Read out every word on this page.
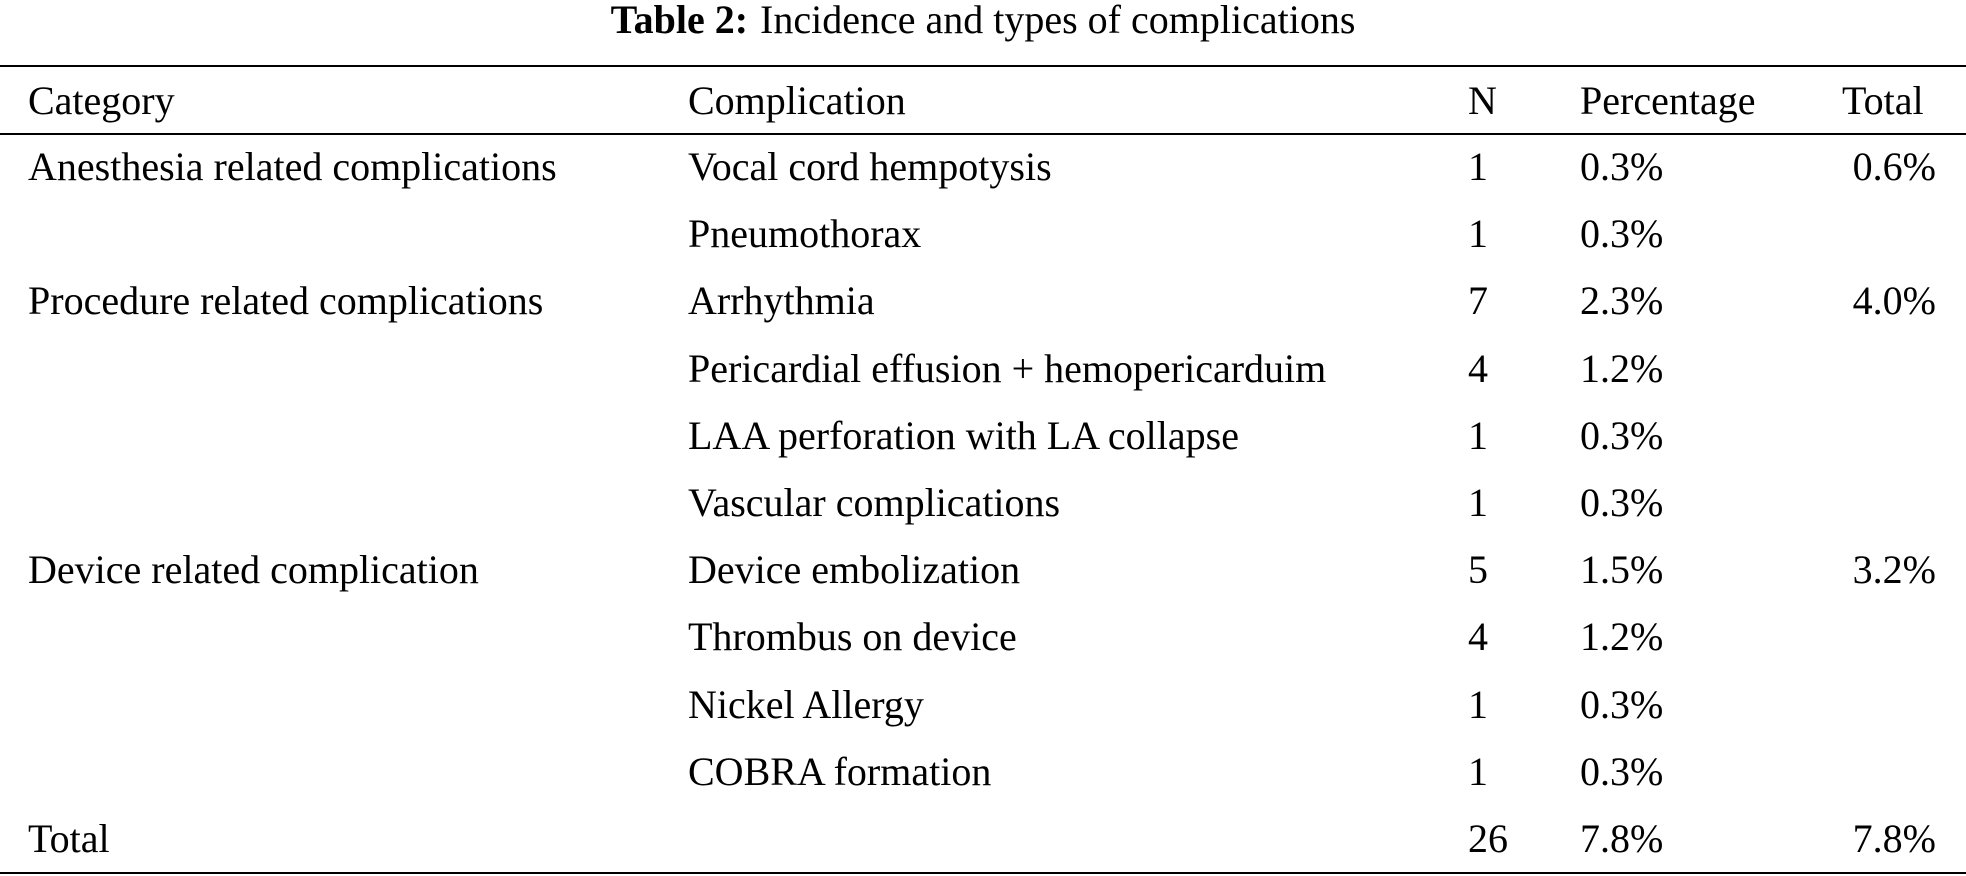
Table 2: Incidence and types of complications
Category	Complication	N	Percentage	Total
Anesthesia related complications	Vocal cord hempotysis	1	0.3%	0.6%
	Pneumothorax	1	0.3%	
Procedure related complications	Arrhythmia	7	2.3%	4.0%
	Pericardial effusion + hemopericarduim	4	1.2%	
	LAA perforation with LA collapse	1	0.3%	
	Vascular complications	1	0.3%	
Device related complication	Device embolization	5	1.5%	3.2%
	Thrombus on device	4	1.2%	
	Nickel Allergy	1	0.3%	
	COBRA formation	1	0.3%	
Total		26	7.8%	7.8%
